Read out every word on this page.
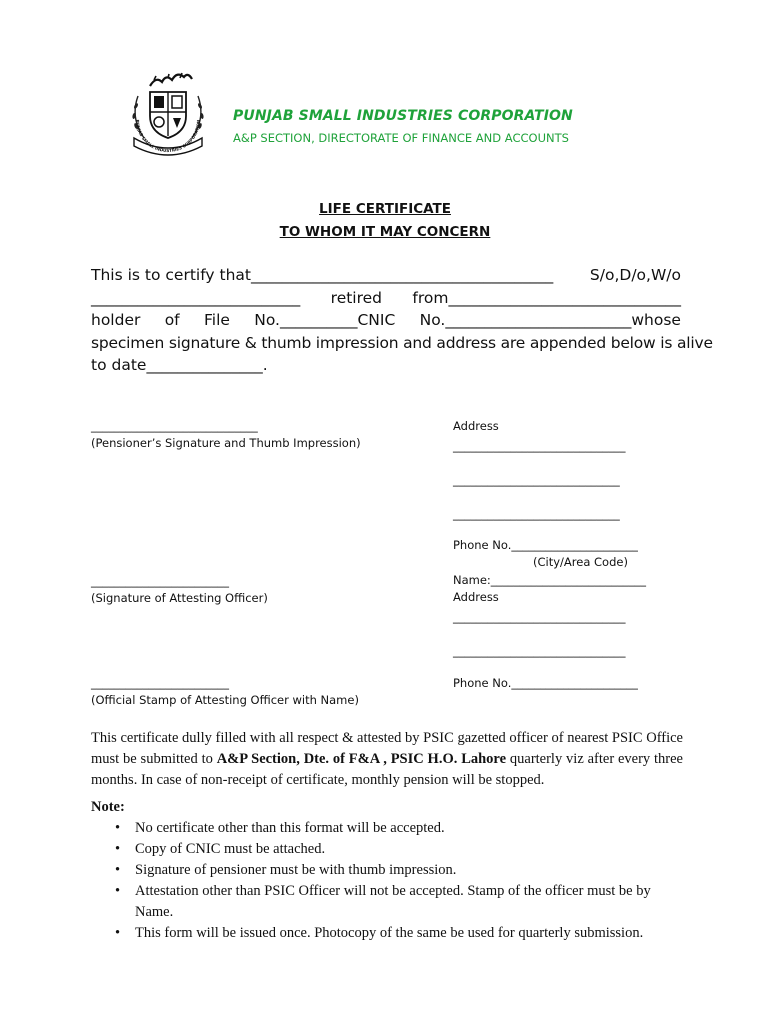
PUNJAB SMALL INDUSTRIES CORPORATION PUNJAB SMALL INDUSTRIES CORPORATION
A&P SECTION, DIRECTORATE OF FINANCE AND ACCOUNTS
LIFE CERTIFICATE
TO WHOM IT MAY CONCERN
This is to certify that_______________________________________ S/o,D/o,W/o
___________________________ retired from______________________________
holder of File No.__________CNIC No.________________________whose
specimen signature & thumb impression and address are appended below is alive
to date_______________.
_____________________________
(Pensioner’s Signature and Thumb Impression)
________________________
(Signature of Attesting Officer)
________________________
(Official Stamp of Attesting Officer with Name)
Address
______________________________
_____________________________
_____________________________
Phone No.______________________
(City/Area Code)
Name:___________________________
Address
______________________________
______________________________
Phone No.______________________
This certificate dully filled with all respect & attested by PSIC gazetted officer of nearest PSIC Office must be submitted to A&P Section, Dte. of F&A , PSIC H.O. Lahore quarterly viz after every three months. In case of non-receipt of certificate, monthly pension will be stopped.
Note:
• No certificate other than this format will be accepted.
• Copy of CNIC must be attached.
• Signature of pensioner must be with thumb impression.
• Attestation other than PSIC Officer will not be accepted. Stamp of the officer must be by Name.
• This form will be issued once. Photocopy of the same be used for quarterly submission.
